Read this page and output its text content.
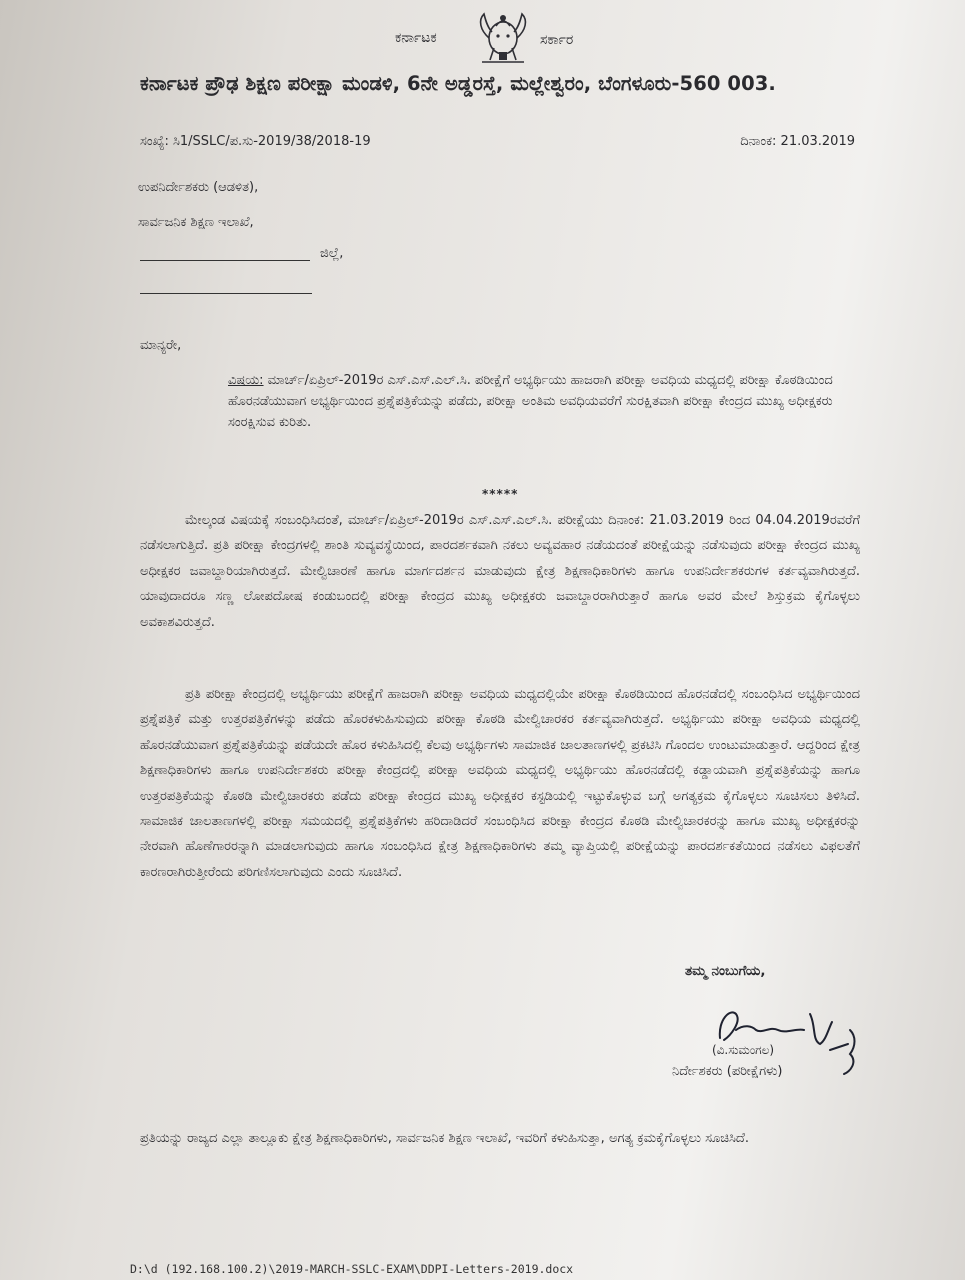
ಕರ್ನಾಟಕ	ಸರ್ಕಾರ
ಕರ್ನಾಟಕ ಪ್ರೌಢ ಶಿಕ್ಷಣ ಪರೀಕ್ಷಾ ಮಂಡಳಿ, 6ನೇ ಅಡ್ಡರಸ್ತೆ, ಮಲ್ಲೇಶ್ವರಂ, ಬೆಂಗಳೂರು-560 003.
ಸಂಖ್ಯೆ: ಸಿ1/SSLC/ಪ.ಸು-2019/38/2018-19	ದಿನಾಂಕ: 21.03.2019
ಉಪನಿರ್ದೇಶಕರು (ಆಡಳಿತ),
ಸಾರ್ವಜನಿಕ ಶಿಕ್ಷಣ ಇಲಾಖೆ,
ಜಿಲ್ಲೆ,
ಮಾನ್ಯರೇ,
ವಿಷಯ: ಮಾರ್ಚ್/ಏಪ್ರಿಲ್-2019ರ ಎಸ್.ಎಸ್.ಎಲ್.ಸಿ. ಪರೀಕ್ಷೆಗೆ ಅಭ್ಯರ್ಥಿಯು ಹಾಜರಾಗಿ ಪರೀಕ್ಷಾ ಅವಧಿಯ ಮಧ್ಯದಲ್ಲಿ ಪರೀಕ್ಷಾ ಕೊಠಡಿಯಿಂದ ಹೊರನಡೆಯುವಾಗ ಅಭ್ಯರ್ಥಿಯಿಂದ ಪ್ರಶ್ನೆಪತ್ರಿಕೆಯನ್ನು ಪಡೆದು, ಪರೀಕ್ಷಾ ಅಂತಿಮ ಅವಧಿಯವರೆಗೆ ಸುರಕ್ಷಿತವಾಗಿ ಪರೀಕ್ಷಾ ಕೇಂದ್ರದ ಮುಖ್ಯ ಅಧೀಕ್ಷಕರು ಸಂರಕ್ಷಿಸುವ ಕುರಿತು.
*****

ಮೇಲ್ಕಂಡ ವಿಷಯಕ್ಕೆ ಸಂಬಂಧಿಸಿದಂತೆ, ಮಾರ್ಚ್/ಏಪ್ರಿಲ್-2019ರ ಎಸ್.ಎಸ್.ಎಲ್.ಸಿ. ಪರೀಕ್ಷೆಯು ದಿನಾಂಕ: 21.03.2019 ರಿಂದ 04.04.2019ರವರೆಗೆ ನಡೆಸಲಾಗುತ್ತಿದೆ. ಪ್ರತಿ ಪರೀಕ್ಷಾ ಕೇಂದ್ರಗಳಲ್ಲಿ ಶಾಂತಿ ಸುವ್ಯವಸ್ಥೆಯಿಂದ, ಪಾರದರ್ಶಕವಾಗಿ ನಕಲು ಅವ್ಯವಹಾರ ನಡೆಯದಂತೆ ಪರೀಕ್ಷೆಯನ್ನು ನಡೆಸುವುದು ಪರೀಕ್ಷಾ ಕೇಂದ್ರದ ಮುಖ್ಯ ಅಧೀಕ್ಷಕರ ಜವಾಬ್ದಾರಿಯಾಗಿರುತ್ತದೆ. ಮೇಲ್ವಿಚಾರಣೆ ಹಾಗೂ ಮಾರ್ಗದರ್ಶನ ಮಾಡುವುದು ಕ್ಷೇತ್ರ ಶಿಕ್ಷಣಾಧಿಕಾರಿಗಳು ಹಾಗೂ ಉಪನಿರ್ದೇಶಕರುಗಳ ಕರ್ತವ್ಯವಾಗಿರುತ್ತದೆ. ಯಾವುದಾದರೂ ಸಣ್ಣ ಲೋಪದೋಷ ಕಂಡುಬಂದಲ್ಲಿ ಪರೀಕ್ಷಾ ಕೇಂದ್ರದ ಮುಖ್ಯ ಅಧೀಕ್ಷಕರು ಜವಾಬ್ದಾರರಾಗಿರುತ್ತಾರೆ ಹಾಗೂ ಅವರ ಮೇಲೆ ಶಿಸ್ತುಕ್ರಮ ಕೈಗೊಳ್ಳಲು ಅವಕಾಶವಿರುತ್ತದೆ.

ಪ್ರತಿ ಪರೀಕ್ಷಾ ಕೇಂದ್ರದಲ್ಲಿ ಅಭ್ಯರ್ಥಿಯು ಪರೀಕ್ಷೆಗೆ ಹಾಜರಾಗಿ ಪರೀಕ್ಷಾ ಅವಧಿಯ ಮಧ್ಯದಲ್ಲಿಯೇ ಪರೀಕ್ಷಾ ಕೊಠಡಿಯಿಂದ ಹೊರನಡೆದಲ್ಲಿ ಸಂಬಂಧಿಸಿದ ಅಭ್ಯರ್ಥಿಯಿಂದ ಪ್ರಶ್ನೆಪತ್ರಿಕೆ ಮತ್ತು ಉತ್ತರಪತ್ರಿಕೆಗಳನ್ನು ಪಡೆದು ಹೊರಕಳುಹಿಸುವುದು ಪರೀಕ್ಷಾ ಕೊಠಡಿ ಮೇಲ್ವಿಚಾರಕರ ಕರ್ತವ್ಯವಾಗಿರುತ್ತದೆ. ಅಭ್ಯರ್ಥಿಯು ಪರೀಕ್ಷಾ ಅವಧಿಯ ಮಧ್ಯದಲ್ಲಿ ಹೊರನಡೆಯುವಾಗ ಪ್ರಶ್ನೆಪತ್ರಿಕೆಯನ್ನು ಪಡೆಯದೇ ಹೊರ ಕಳುಹಿಸಿದಲ್ಲಿ ಕೆಲವು ಅಭ್ಯರ್ಥಿಗಳು ಸಾಮಾಜಿಕ ಜಾಲತಾಣಗಳಲ್ಲಿ ಪ್ರಕಟಿಸಿ ಗೊಂದಲ ಉಂಟುಮಾಡುತ್ತಾರೆ. ಆದ್ದರಿಂದ ಕ್ಷೇತ್ರ ಶಿಕ್ಷಣಾಧಿಕಾರಿಗಳು ಹಾಗೂ ಉಪನಿರ್ದೇಶಕರು ಪರೀಕ್ಷಾ ಕೇಂದ್ರದಲ್ಲಿ ಪರೀಕ್ಷಾ ಅವಧಿಯ ಮಧ್ಯದಲ್ಲಿ ಅಭ್ಯರ್ಥಿಯು ಹೊರನಡೆದಲ್ಲಿ ಕಡ್ಡಾಯವಾಗಿ ಪ್ರಶ್ನೆಪತ್ರಿಕೆಯನ್ನು ಹಾಗೂ ಉತ್ತರಪತ್ರಿಕೆಯನ್ನು ಕೊಠಡಿ ಮೇಲ್ವಿಚಾರಕರು ಪಡೆದು ಪರೀಕ್ಷಾ ಕೇಂದ್ರದ ಮುಖ್ಯ ಅಧೀಕ್ಷಕರ ಕಸ್ಟಡಿಯಲ್ಲಿ ಇಟ್ಟುಕೊಳ್ಳುವ ಬಗ್ಗೆ ಅಗತ್ಯಕ್ರಮ ಕೈಗೊಳ್ಳಲು ಸೂಚಿಸಲು ತಿಳಿಸಿದೆ. ಸಾಮಾಜಿಕ ಜಾಲತಾಣಗಳಲ್ಲಿ ಪರೀಕ್ಷಾ ಸಮಯದಲ್ಲಿ ಪ್ರಶ್ನೆಪತ್ರಿಕೆಗಳು ಹರಿದಾಡಿದರೆ ಸಂಬಂಧಿಸಿದ ಪರೀಕ್ಷಾ ಕೇಂದ್ರದ ಕೊಠಡಿ ಮೇಲ್ವಿಚಾರಕರನ್ನು ಹಾಗೂ ಮುಖ್ಯ ಅಧೀಕ್ಷಕರನ್ನು ನೇರವಾಗಿ ಹೊಣೆಗಾರರನ್ನಾಗಿ ಮಾಡಲಾಗುವುದು ಹಾಗೂ ಸಂಬಂಧಿಸಿದ ಕ್ಷೇತ್ರ ಶಿಕ್ಷಣಾಧಿಕಾರಿಗಳು ತಮ್ಮ ವ್ಯಾಪ್ತಿಯಲ್ಲಿ ಪರೀಕ್ಷೆಯನ್ನು ಪಾರದರ್ಶಕತೆಯಿಂದ ನಡೆಸಲು ವಿಫಲತೆಗೆ ಕಾರಣರಾಗಿರುತ್ತೀರೆಂದು ಪರಿಗಣಿಸಲಾಗುವುದು ಎಂದು ಸೂಚಿಸಿದೆ.

ತಮ್ಮ ನಂಬುಗೆಯ,
(ವಿ.ಸುಮಂಗಲ)
ನಿರ್ದೇಶಕರು (ಪರೀಕ್ಷೆಗಳು)
ಪ್ರತಿಯನ್ನು ರಾಜ್ಯದ ಎಲ್ಲಾ ತಾಲ್ಲೂಕು ಕ್ಷೇತ್ರ ಶಿಕ್ಷಣಾಧಿಕಾರಿಗಳು, ಸಾರ್ವಜನಿಕ ಶಿಕ್ಷಣ ಇಲಾಖೆ, ಇವರಿಗೆ ಕಳುಹಿಸುತ್ತಾ, ಅಗತ್ಯ ಕ್ರಮಕೈಗೊಳ್ಳಲು ಸೂಚಿಸಿದೆ.
D:\d (192.168.100.2)\2019-MARCH-SSLC-EXAM\DDPI-Letters-2019.docx
